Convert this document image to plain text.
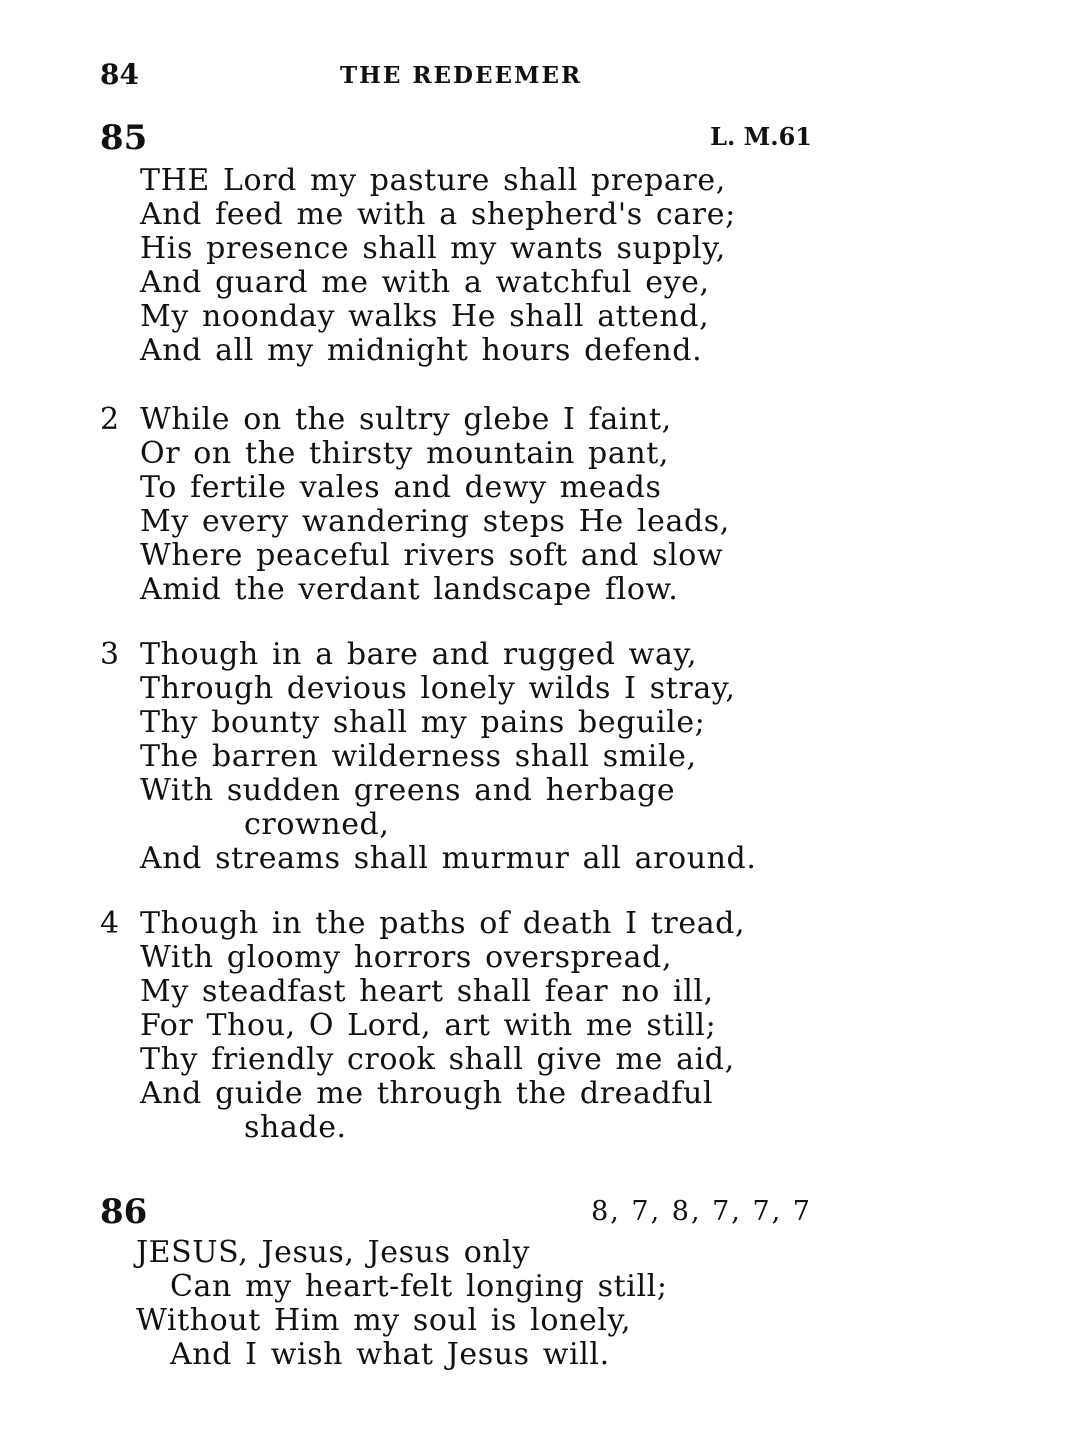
84	THE REDEEMER
85	L. M.61
THE Lord my pasture shall prepare,
And feed me with a shepherd's care;
His presence shall my wants supply,
And guard me with a watchful eye,
My noonday walks He shall attend,
And all my midnight hours defend.
2 While on the sultry glebe I faint,
Or on the thirsty mountain pant,
To fertile vales and dewy meads
My every wandering steps He leads,
Where peaceful rivers soft and slow
Amid the verdant landscape flow.
3 Though in a bare and rugged way,
Through devious lonely wilds I stray,
Thy bounty shall my pains beguile;
The barren wilderness shall smile,
With sudden greens and herbage
crowned,
And streams shall murmur all around.
4 Though in the paths of death I tread,
With gloomy horrors overspread,
My steadfast heart shall fear no ill,
For Thou, O Lord, art with me still;
Thy friendly crook shall give me aid,
And guide me through the dreadful
shade.
86	8, 7, 8, 7, 7, 7
JESUS, Jesus, Jesus only
Can my heart-felt longing still;
Without Him my soul is lonely,
And I wish what Jesus will.
